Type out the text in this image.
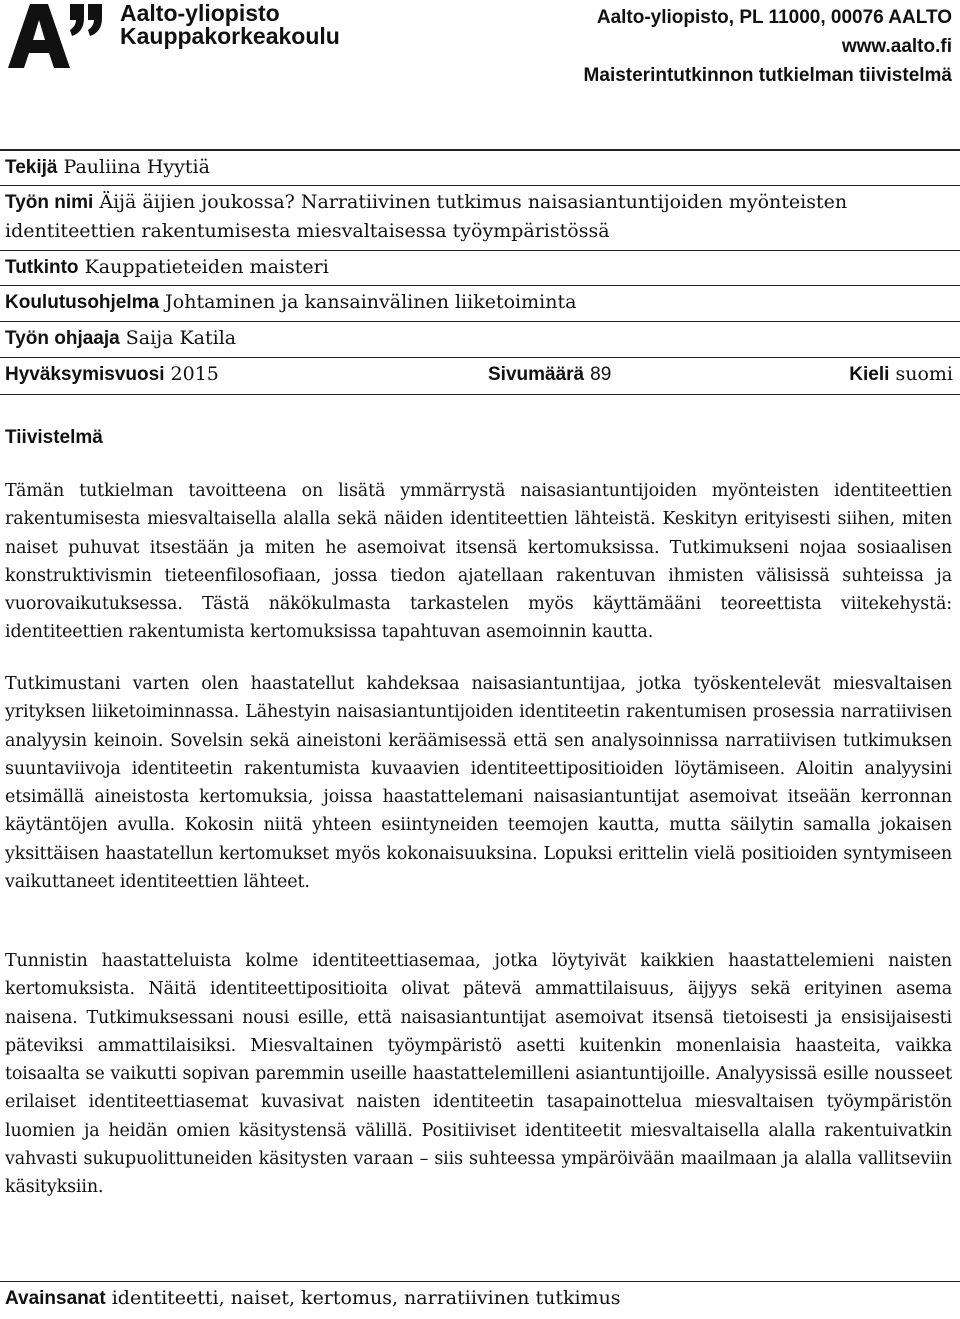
Aalto-yliopisto
Kauppakorkeakoulu
Aalto-yliopisto, PL 11000, 00076 AALTO
www.aalto.fi
Maisterintutkinnon tutkielman tiivistelmä
Tekijä Pauliina Hyytiä
Työn nimi Äijä äijien joukossa? Narratiivinen tutkimus naisasiantuntijoiden myönteisten identiteettien rakentumisesta miesvaltaisessa työympäristössä
Tutkinto Kauppatieteiden maisteri
Koulutusohjelma Johtaminen ja kansainvälinen liiketoiminta
Työn ohjaaja Saija Katila
Hyväksymisvuosi 2015	Sivumäärä 89	Kieli suomi
Tiivistelmä

Tämän tutkielman tavoitteena on lisätä ymmärrystä naisasiantuntijoiden myönteisten identiteettien rakentumisesta miesvaltaisella alalla sekä näiden identiteettien lähteistä. Keskityn erityisesti siihen, miten naiset puhuvat itsestään ja miten he asemoivat itsensä kertomuksissa. Tutkimukseni nojaa sosiaalisen konstruktivismin tieteenfilosofiaan, jossa tiedon ajatellaan rakentuvan ihmisten välisissä suhteissa ja vuorovaikutuksessa. Tästä näkökulmasta tarkastelen myös käyttämääni teoreettista viitekehystä: identiteettien rakentumista kertomuksissa tapahtuvan asemoinnin kautta.

Tutkimustani varten olen haastatellut kahdeksaa naisasiantuntijaa, jotka työskentelevät miesvaltaisen yrityksen liiketoiminnassa. Lähestyin naisasiantuntijoiden identiteetin rakentumisen prosessia narratiivisen analyysin keinoin. Sovelsin sekä aineistoni keräämisessä että sen analysoinnissa narratiivisen tutkimuksen suuntaviivoja identiteetin rakentumista kuvaavien identiteettipositioiden löytämiseen. Aloitin analyysini etsimällä aineistosta kertomuksia, joissa haastattelemani naisasiantuntijat asemoivat itseään kerronnan käytäntöjen avulla. Kokosin niitä yhteen esiintyneiden teemojen kautta, mutta säilytin samalla jokaisen yksittäisen haastatellun kertomukset myös kokonaisuuksina. Lopuksi erittelin vielä positioiden syntymiseen vaikuttaneet identiteettien lähteet.

Tunnistin haastatteluista kolme identiteettiasemaa, jotka löytyivät kaikkien haastattelemieni naisten kertomuksista. Näitä identiteettipositioita olivat pätevä ammattilaisuus, äijyys sekä erityinen asema naisena. Tutkimuksessani nousi esille, että naisasiantuntijat asemoivat itsensä tietoisesti ja ensisijaisesti päteviksi ammattilaisiksi. Miesvaltainen työympäristö asetti kuitenkin monenlaisia haasteita, vaikka toisaalta se vaikutti sopivan paremmin useille haastattelemilleni asiantuntijoille. Analyysissä esille nousseet erilaiset identiteettiasemat kuvasivat naisten identiteetin tasapainottelua miesvaltaisen työympäristön luomien ja heidän omien käsitystensä välillä. Positiiviset identiteetit miesvaltaisella alalla rakentuivatkin vahvasti sukupuolittuneiden käsitysten varaan – siis suhteessa ympäröivään maailmaan ja alalla vallitseviin käsityksiin.

Avainsanat identiteetti, naiset, kertomus, narratiivinen tutkimus
